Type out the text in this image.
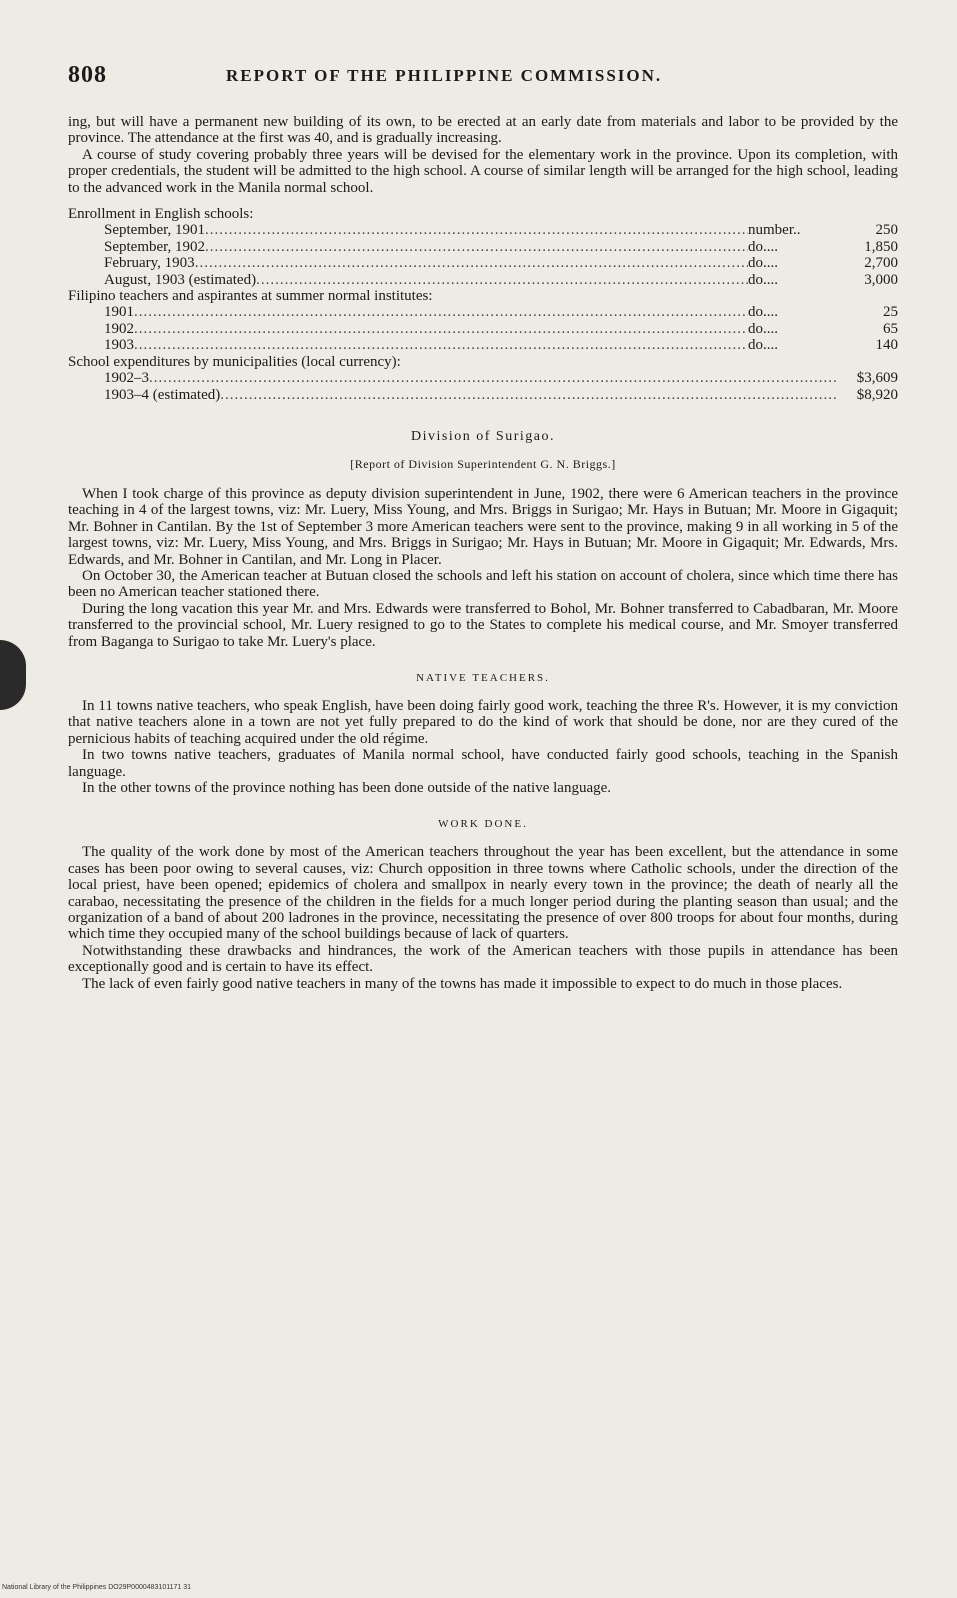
808	REPORT OF THE PHILIPPINE COMMISSION.

ing, but will have a permanent new building of its own, to be erected at an early date from materials and labor to be provided by the province. The attendance at the first was 40, and is gradually increasing.

A course of study covering probably three years will be devised for the elementary work in the province. Upon its completion, with proper credentials, the student will be admitted to the high school. A course of similar length will be arranged for the high school, leading to the advanced work in the Manila normal school.

Enrollment in English schools:
September, 1901 .....	number..	250
September, 1902 .....	do....	1,850
February, 1903 .....	do....	2,700
August, 1903 (estimated) .....	do....	3,000
Filipino teachers and aspirantes at summer normal institutes:
1901 .....	do....	25
1902 .....	do....	65
1903 .....	do....	140
School expenditures by municipalities (local currency):
1902–3 .....	$3,609
1903–4 (estimated) .....	$8,920
Division of Surigao.
[Report of Division Superintendent G. N. Briggs.]

When I took charge of this province as deputy division superintendent in June, 1902, there were 6 American teachers in the province teaching in 4 of the largest towns, viz: Mr. Luery, Miss Young, and Mrs. Briggs in Surigao; Mr. Hays in Butuan; Mr. Moore in Gigaquit; Mr. Bohner in Cantilan. By the 1st of September 3 more American teachers were sent to the province, making 9 in all working in 5 of the largest towns, viz: Mr. Luery, Miss Young, and Mrs. Briggs in Surigao; Mr. Hays in Butuan; Mr. Moore in Gigaquit; Mr. Edwards, Mrs. Edwards, and Mr. Bohner in Cantilan, and Mr. Long in Placer.

On October 30, the American teacher at Butuan closed the schools and left his station on account of cholera, since which time there has been no American teacher stationed there.

During the long vacation this year Mr. and Mrs. Edwards were transferred to Bohol, Mr. Bohner transferred to Cabadbaran, Mr. Moore transferred to the provincial school, Mr. Luery resigned to go to the States to complete his medical course, and Mr. Smoyer transferred from Baganga to Surigao to take Mr. Luery's place.

NATIVE TEACHERS.

In 11 towns native teachers, who speak English, have been doing fairly good work, teaching the three R's. However, it is my conviction that native teachers alone in a town are not yet fully prepared to do the kind of work that should be done, nor are they cured of the pernicious habits of teaching acquired under the old régime.

In two towns native teachers, graduates of Manila normal school, have conducted fairly good schools, teaching in the Spanish language.

In the other towns of the province nothing has been done outside of the native language.

WORK DONE.

The quality of the work done by most of the American teachers throughout the year has been excellent, but the attendance in some cases has been poor owing to several causes, viz: Church opposition in three towns where Catholic schools, under the direction of the local priest, have been opened; epidemics of cholera and smallpox in nearly every town in the province; the death of nearly all the carabao, necessitating the presence of the children in the fields for a much longer period during the planting season than usual; and the organization of a band of about 200 ladrones in the province, necessitating the presence of over 800 troops for about four months, during which time they occupied many of the school buildings because of lack of quarters.

Notwithstanding these drawbacks and hindrances, the work of the American teachers with those pupils in attendance has been exceptionally good and is certain to have its effect.

The lack of even fairly good native teachers in many of the towns has made it impossible to expect to do much in those places.

National Library of the Philippines DO29P0000483101171 31
